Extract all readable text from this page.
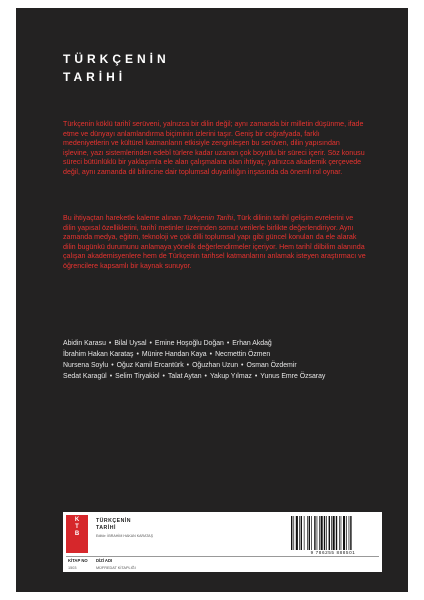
TÜRKÇENİN
TARİHİ

Türkçenin köklü tarihî serüveni, yalnızca bir dilin değil; aynı zamanda bir milletin düşünme, ifade etme ve dünyayı anlamlandırma biçiminin izlerini taşır. Geniş bir coğrafyada, farklı medeniyetlerin ve kültürel katmanların etkisiyle zenginleşen bu serüven, dilin yapısından işlevine, yazı sistemlerinden edebî türlere kadar uzanan çok boyutlu bir süreci içerir. Söz konusu süreci bütünlüklü bir yaklaşımla ele alan çalışmalara olan ihtiyaç, yalnızca akademik çerçevede değil, aynı zamanda dil bilincine dair toplumsal duyarlılığın inşasında da önemli rol oynar.

Bu ihtiyaçtan hareketle kaleme alınan Türkçenin Tarihi, Türk dilinin tarihî gelişim evrelerini ve dilin yapısal özelliklerini, tarihî metinler üzerinden somut verilerle birlikte değerlendiriyor. Aynı zamanda medya, eğitim, teknoloji ve çok dilli toplumsal yapı gibi güncel konuları da ele alarak dilin bugünkü durumunu anlamaya yönelik değerlendirmeler içeriyor. Hem tarihî dilbilim alanında çalışan akademisyenlere hem de Türkçenin tarihsel katmanlarını anlamak isteyen araştırmacı ve öğrencilere kapsamlı bir kaynak sunuyor.

Abidin Karasu • Bilal Uysal • Emine Hoşoğlu Doğan • Erhan Akdağ
İbrahim Hakan Karataş • Münire Handan Kaya • Necmettin Özmen
Nursena Soylu • Oğuz Kamil Ercantürk • Oğuzhan Uzun • Osman Özdemir
Sedat Karagül • Selim Tiryakiol • Talat Aytan • Yakup Yılmaz • Yunus Emre Özsaray
K
T
B
TÜRKÇENİN
TARİHİ
Editör: İBRAHİM HAKAN KARATAŞ
9 786255 888501
KİTAP NO
1503
DİZİ ADI
MÜFREDAT KİTAPLIĞI
